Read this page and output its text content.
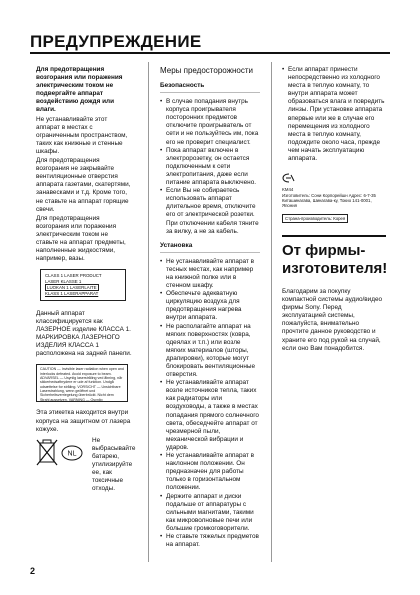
ПРЕДУПРЕЖДЕНИЕ

Для предотвращения возгорания или поражения электрическим током не подвергайте аппарат воздействию дождя или влаги.

Не устанавливайте этот аппарат в местах с ограниченным пространством, таких как книжные и стенные шкафы.

Для предотвращения возгорания не закрывайте вентиляционные отверстия аппарата газетами, скатертями, занавесками и т.д. Кроме того, не ставьте на аппарат горящие свечи.

Для предотвращения возгорания или поражения электрическим током не ставьте на аппарат предметы, наполненные жидкостями, например, вазы.

CLASS 1 LASER PRODUCT
LASER KLASSE 1
LUOKAN 1 LASERLAITE
KLASS 1 LASERAPPARAT

Данный аппарат классифицируется как ЛАЗЕРНОЕ изделие КЛАССА 1. МАРКИРОВКА ЛАЗЕРНОГО ИЗДЕЛИЯ КЛАССА 1 расположена на задней панели.

CAUTION — Invisible laser radiation when open and interlocks defeated. Avoid exposure to beam. ADVARSEL — Usynlig laserstråling ved åbning, når sikkerhedsafbrydere er ude af funktion. Undgå udsættelse for stråling. VORSICHT — Unsichtbare Laserstrahlung, wenn geöffnet und Sicherheitsverriegelung überbrückt. Nicht dem Strahl aussetzen. VARNING — Osynlig

Эта этикетка находится внутри корпуса на защитном от лазера кожухе.

NL
Не выбрасывайте батарею, утилизируйте ее, как токсичные отходы.
Меры предосторожности
Безопасность
• В случае попадания внутрь корпуса проигрывателя посторонних предметов отключите проигрыватель от сети и не пользуйтесь им, пока его не проверит специалист.
• Пока аппарат включен в электророзетку, он остается подключенным к сети электропитания, даже если питание аппарата выключено.
• Если Вы не собираетесь использовать аппарат длительное время, отключите его от электрической розетки. При отключении кабеля тяните за вилку, а не за кабель.
Установка
• Не устанавливайте аппарат в тесных местах, как например на книжной полке или в стенном шкафу.
• Обеспечьте адекватную циркуляцию воздуха для предотвращения нагрева внутри аппарата.
• Не располагайте аппарат на мягких поверхностях (ковра, одеялах и т.п.) или возле мягких материалов (шторы, драпировки), которые могут блокировать вентиляционные отверстия.
• Не устанавливайте аппарат возле источников тепла, таких как радиаторы или воздуховоды, а также в местах попадания прямого солнечного света, обеседчейте аппарат от чрезмерной пыли, механической вибрации и ударов.
• Не устанавливайте аппарат в наклонном положении. Он предназначен для работы только в горизонтальном положении.
• Держите аппарат и диски подальше от аппаратуры с сильными магнитами, такими как микроволновые печи или большие громкоговорители.
• Не ставьте тяжелых предметов на аппарат.
• Если аппарат принести непосредственно из холодного места в теплую комнату, то внутри аппарата может образоваться влага и повредить линзы. При установке аппарата впервые или же в случае его перемещения из холодного места в теплую комнату, подождите около часа, прежде чем начать эксплуатацию аппарата.
KM44
Изготовитель: Сони Корпорейшн Адрес: 6-7-35 Киташинагава, Шинагава-ку, Токио 141-0001, Япония
Страна-производитель: Корея
От фирмы-изготовителя!

Благодарим за покупку компактной системы аудио/видео фирмы Sony. Перед эксплуатацией системы, пожалуйста, внимательно прочтите данное руководство и храните его под рукой на случай, если оно Вам понадобится.

2
